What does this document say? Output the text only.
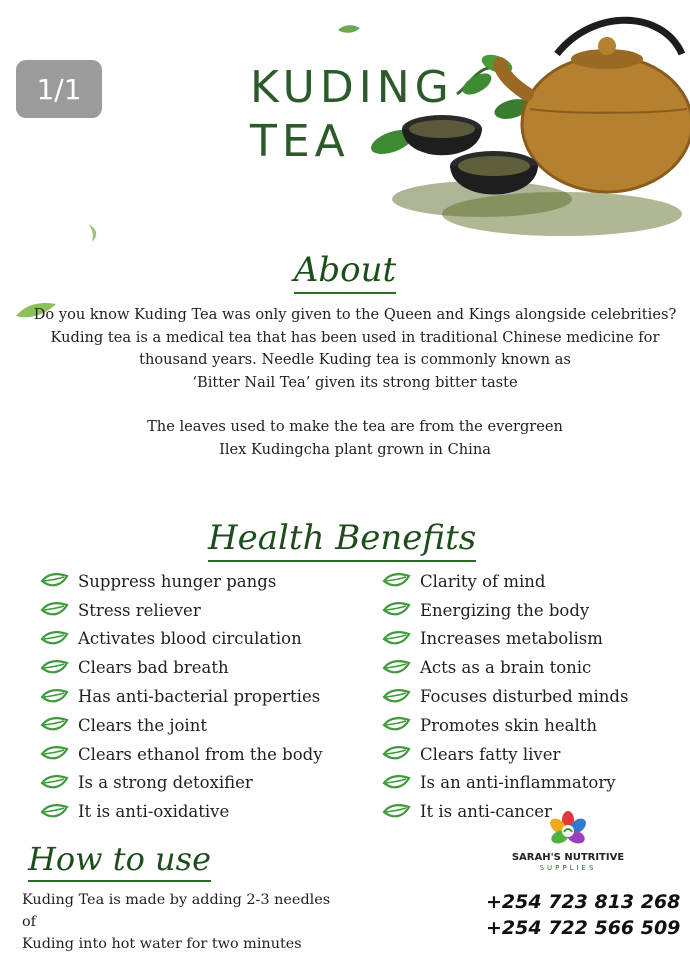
1/1	KUDING
TEA
About

Do you know Kuding Tea was only given to the Queen and Kings alongside celebrities?

Kuding tea is a medical tea that has been used in traditional Chinese medicine for

thousand years. Needle Kuding tea is commonly known as

‘Bitter Nail Tea’ given its strong bitter taste

The leaves used to make the tea are from the evergreen

Ilex Kudingcha plant grown in China

Health Benefits
Suppress hunger pangs
Stress reliever
Activates blood circulation
Clears bad breath
Has anti-bacterial properties
Clears the joint
Clears ethanol from the body
Is a strong detoxifier
It is anti-oxidative
Clarity of mind
Energizing the body
Increases metabolism
Acts as a brain tonic
Focuses disturbed minds
Promotes skin health
Clears fatty liver
Is an anti-inflammatory
It is anti-cancer
How to use

Kuding Tea is made by adding 2-3 needles of
Kuding into hot water for two minutes

SARAH'S NUTRITIVE
SUPPLIES
+254 723 813 268
+254 722 566 509
